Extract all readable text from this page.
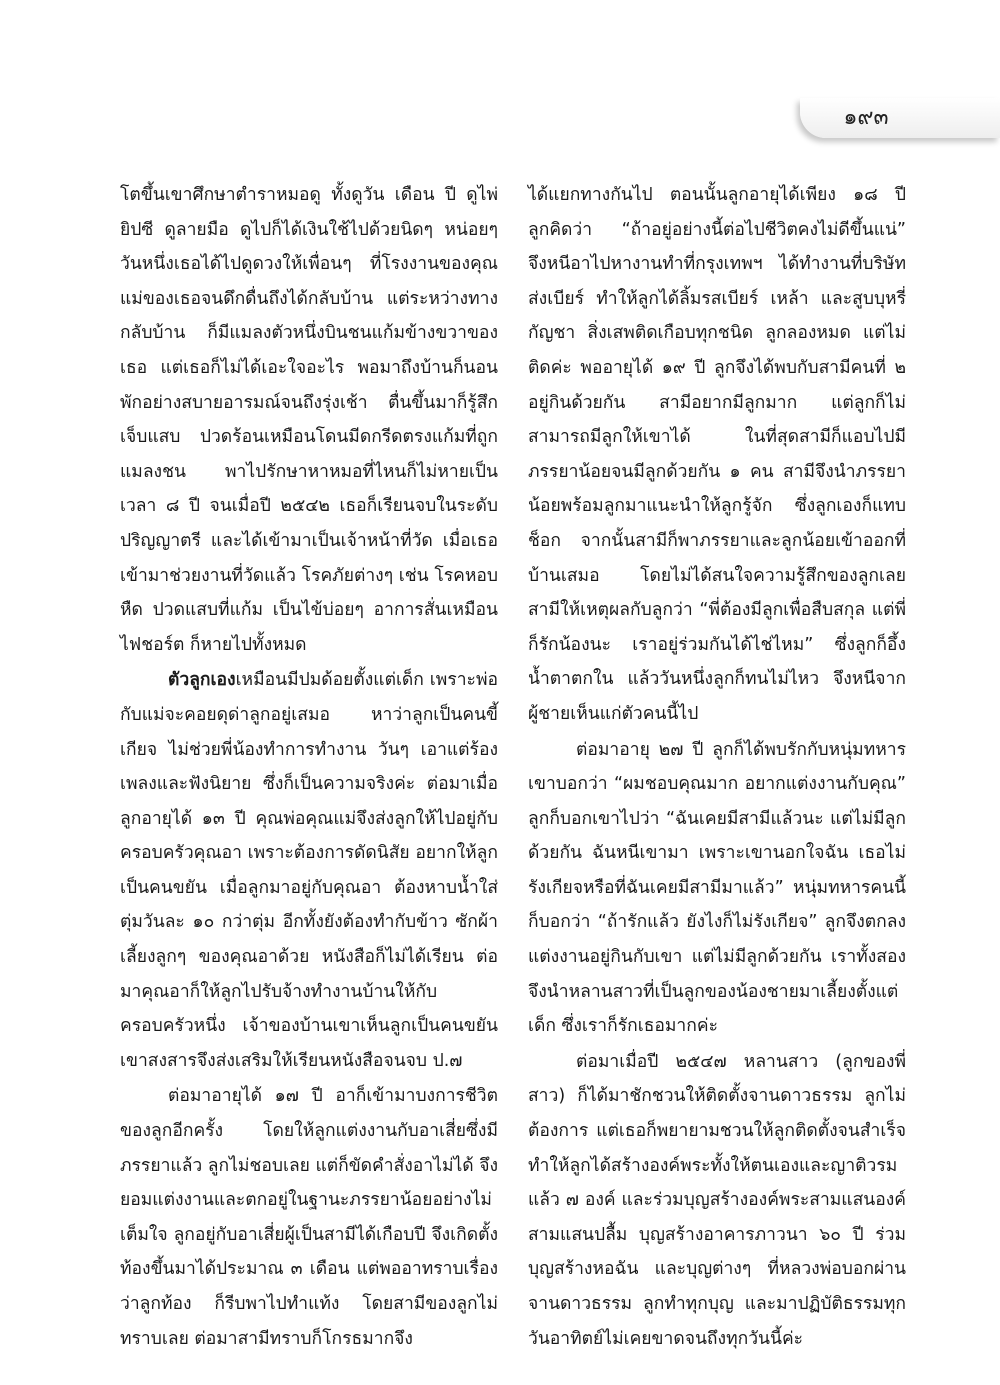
๑๙๓

โตขึ้นเขาศึกษาตำราหมอดู ทั้งดูวัน เดือน ปี ดูไพ่ยิปซี ดูลายมือ ดูไปก็ได้เงินใช้ไปด้วยนิดๆ หน่อยๆ วันหนึ่งเธอได้ไปดูดวงให้เพื่อนๆ ที่โรงงานของคุณแม่ของเธอจนดึกดื่นถึงได้กลับบ้าน แต่ระหว่างทางกลับบ้าน ก็มีแมลงตัวหนึ่งบินชนแก้มข้างขวาของเธอ แต่เธอก็ไม่ได้เอะใจอะไร พอมาถึงบ้านก็นอนพักอย่างสบายอารมณ์จนถึงรุ่งเช้า ตื่นขึ้นมาก็รู้สึกเจ็บแสบ ปวดร้อนเหมือนโดนมีดกรีดตรงแก้มที่ถูกแมลงชน พาไปรักษาหาหมอที่ไหนก็ไม่หายเป็นเวลา ๘ ปี จนเมื่อปี ๒๕๔๒ เธอก็เรียนจบในระดับปริญญาตรี และได้เข้ามาเป็นเจ้าหน้าที่วัด เมื่อเธอเข้ามาช่วยงานที่วัดแล้ว โรคภัยต่างๆ เช่น โรคหอบหืด ปวดแสบที่แก้ม เป็นไข้บ่อยๆ อาการสั่นเหมือนไฟชอร์ต ก็หายไปทั้งหมด

ตัวลูกเองเหมือนมีปมด้อยตั้งแต่เด็ก เพราะพ่อกับแม่จะคอยดุด่าลูกอยู่เสมอ หาว่าลูกเป็นคนขี้เกียจ ไม่ช่วยพี่น้องทำการทำงาน วันๆ เอาแต่ร้องเพลงและฟังนิยาย ซึ่งก็เป็นความจริงค่ะ ต่อมาเมื่อลูกอายุได้ ๑๓ ปี คุณพ่อคุณแม่จึงส่งลูกให้ไปอยู่กับครอบครัวคุณอา เพราะต้องการดัดนิสัย อยากให้ลูกเป็นคนขยัน เมื่อลูกมาอยู่กับคุณอา ต้องหาบน้ำใส่ตุ่มวันละ ๑๐ กว่าตุ่ม อีกทั้งยังต้องทำกับข้าว ซักผ้า เลี้ยงลูกๆ ของคุณอาด้วย หนังสือก็ไม่ได้เรียน ต่อมาคุณอาก็ให้ลูกไปรับจ้างทำงานบ้านให้กับครอบครัวหนึ่ง เจ้าของบ้านเขาเห็นลูกเป็นคนขยัน เขาสงสารจึงส่งเสริมให้เรียนหนังสือจนจบ ป.๗

ต่อมาอายุได้ ๑๗ ปี อาก็เข้ามาบงการชีวิตของลูกอีกครั้ง โดยให้ลูกแต่งงานกับอาเสี่ยซึ่งมีภรรยาแล้ว ลูกไม่ชอบเลย แต่ก็ขัดคำสั่งอาไม่ได้ จึงยอมแต่งงานและตกอยู่ในฐานะภรรยาน้อยอย่างไม่เต็มใจ ลูกอยู่กับอาเสี่ยผู้เป็นสามีได้เกือบปี จึงเกิดตั้งท้องขึ้นมาได้ประมาณ ๓ เดือน แต่พออาทราบเรื่องว่าลูกท้อง ก็รีบพาไปทำแท้ง โดยสามีของลูกไม่ทราบเลย ต่อมาสามีทราบก็โกรธมากจึง

ได้แยกทางกันไป ตอนนั้นลูกอายุได้เพียง ๑๘ ปี ลูกคิดว่า “ถ้าอยู่อย่างนี้ต่อไปชีวิตคงไม่ดีขึ้นแน่” จึงหนีอาไปหางานทำที่กรุงเทพฯ ได้ทำงานที่บริษัทส่งเบียร์ ทำให้ลูกได้ลิ้มรสเบียร์ เหล้า และสูบบุหรี่ กัญชา สิ่งเสพติดเกือบทุกชนิด ลูกลองหมด แต่ไม่ติดค่ะ พออายุได้ ๑๙ ปี ลูกจึงได้พบกับสามีคนที่ ๒ อยู่กินด้วยกัน สามีอยากมีลูกมาก แต่ลูกก็ไม่สามารถมีลูกให้เขาได้ ในที่สุดสามีก็แอบไปมีภรรยาน้อยจนมีลูกด้วยกัน ๑ คน สามีจึงนำภรรยาน้อยพร้อมลูกมาแนะนำให้ลูกรู้จัก ซึ่งลูกเองก็แทบช็อก จากนั้นสามีก็พาภรรยาและลูกน้อยเข้าออกที่บ้านเสมอ โดยไม่ได้สนใจความรู้สึกของลูกเลย สามีให้เหตุผลกับลูกว่า “พี่ต้องมีลูกเพื่อสืบสกุล แต่พี่ก็รักน้องนะ เราอยู่ร่วมกันได้ไช่ไหม” ซึ่งลูกก็อึ้ง น้ำตาตกใน แล้ววันหนึ่งลูกก็ทนไม่ไหว จึงหนีจากผู้ชายเห็นแก่ตัวคนนี้ไป

ต่อมาอายุ ๒๗ ปี ลูกก็ได้พบรักกับหนุ่มทหาร เขาบอกว่า “ผมชอบคุณมาก อยากแต่งงานกับคุณ” ลูกก็บอกเขาไปว่า “ฉันเคยมีสามีแล้วนะ แต่ไม่มีลูกด้วยกัน ฉันหนีเขามา เพราะเขานอกใจฉัน เธอไม่รังเกียจหรือที่ฉันเคยมีสามีมาแล้ว” หนุ่มทหารคนนี้ก็บอกว่า “ถ้ารักแล้ว ยังไงก็ไม่รังเกียจ” ลูกจึงตกลงแต่งงานอยู่กินกับเขา แต่ไม่มีลูกด้วยกัน เราทั้งสองจึงนำหลานสาวที่เป็นลูกของน้องชายมาเลี้ยงตั้งแต่เด็ก ซึ่งเราก็รักเธอมากค่ะ

ต่อมาเมื่อปี ๒๕๔๗ หลานสาว (ลูกของพี่สาว) ก็ได้มาชักชวนให้ติดตั้งจานดาวธรรม ลูกไม่ต้องการ แต่เธอก็พยายามชวนให้ลูกติดตั้งจนสำเร็จ ทำให้ลูกได้สร้างองค์พระทั้งให้ตนเองและญาติวรมแล้ว ๗ องค์ และร่วมบุญสร้างองค์พระสามแสนองค์ สามแสนปลื้ม บุญสร้างอาคารภาวนา ๖๐ ปี ร่วมบุญสร้างหอฉัน และบุญต่างๆ ที่หลวงพ่อบอกผ่านจานดาวธรรม ลูกทำทุกบุญ และมาปฏิบัติธรรมทุกวันอาทิตย์ไม่เคยขาดจนถึงทุกวันนี้ค่ะ
